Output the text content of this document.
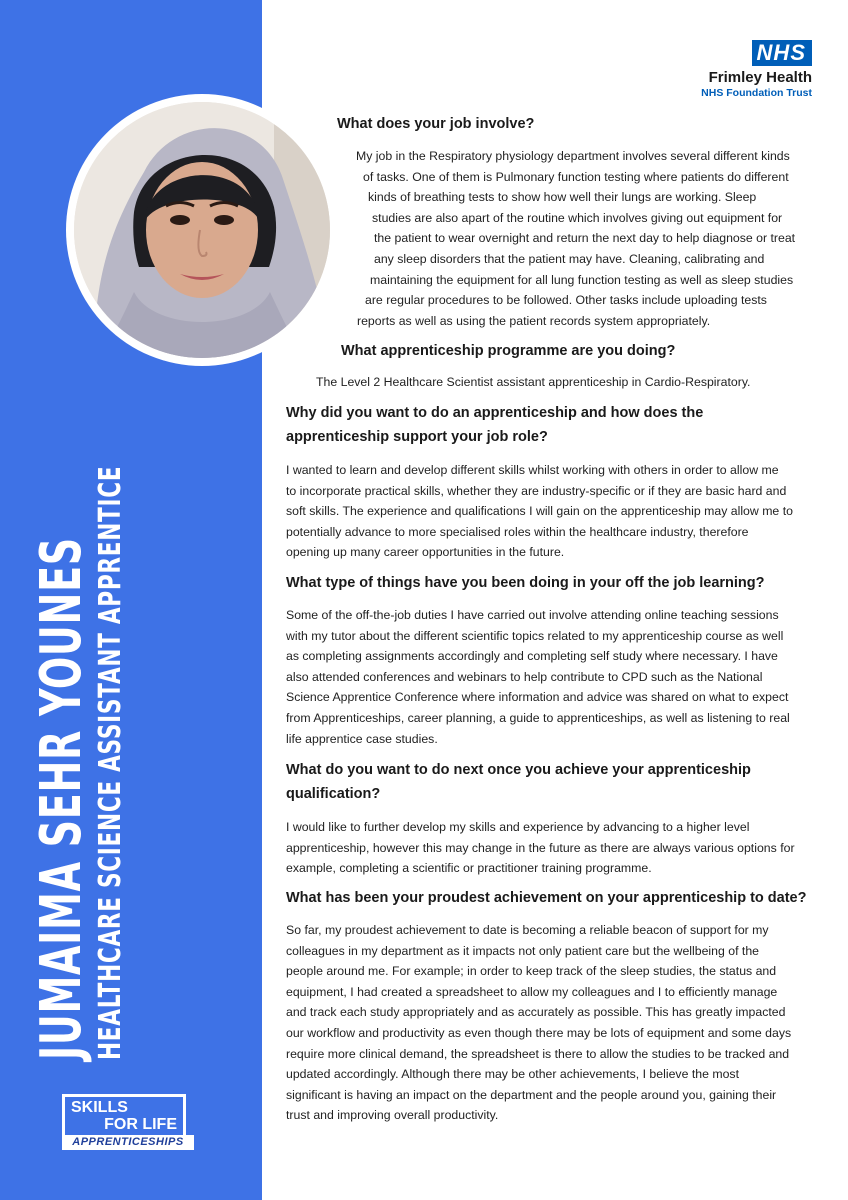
JUMAIMA SEHR YOUNES HEALTHCARE SCIENCE ASSISTANT APPRENTICE
SKILLS
FOR LIFE
APPRENTICESHIPS
NHS
Frimley Health
NHS Foundation Trust
What does your job involve?
My job in the Respiratory physiology department involves several different kinds
of tasks. One of them is Pulmonary function testing where patients do different
kinds of breathing tests to show how well their lungs are working. Sleep
studies are also apart of the routine which involves giving out equipment for
the patient to wear overnight and return the next day to help diagnose or treat
any sleep disorders that the patient may have. Cleaning, calibrating and
maintaining the equipment for all lung function testing as well as sleep studies
are regular procedures to be followed. Other tasks include uploading tests
reports as well as using the patient records system appropriately.
What apprenticeship programme are you doing?
The Level 2 Healthcare Scientist assistant apprenticeship in Cardio-Respiratory.
Why did you want to do an apprenticeship and how does the
apprenticeship support your job role?
I wanted to learn and develop different skills whilst working with others in order to allow me
to incorporate practical skills, whether they are industry-specific or if they are basic hard and
soft skills. The experience and qualifications I will gain on the apprenticeship may allow me to
potentially advance to more specialised roles within the healthcare industry, therefore
opening up many career opportunities in the future.
What type of things have you been doing in your off the job learning?
Some of the off-the-job duties I have carried out involve attending online teaching sessions
with my tutor about the different scientific topics related to my apprenticeship course as well
as completing assignments accordingly and completing self study where necessary. I have
also attended conferences and webinars to help contribute to CPD such as the National
Science Apprentice Conference where information and advice was shared on what to expect
from Apprenticeships, career planning, a guide to apprenticeships, as well as listening to real
life apprentice case studies.
What do you want to do next once you achieve your apprenticeship
qualification?
I would like to further develop my skills and experience by advancing to a higher level
apprenticeship, however this may change in the future as there are always various options for
example, completing a scientific or practitioner training programme.
What has been your proudest achievement on your apprenticeship to date?
So far, my proudest achievement to date is becoming a reliable beacon of support for my
colleagues in my department as it impacts not only patient care but the wellbeing of the
people around me. For example; in order to keep track of the sleep studies, the status and
equipment, I had created a spreadsheet to allow my colleagues and I to efficiently manage
and track each study appropriately and as accurately as possible. This has greatly impacted
our workflow and productivity as even though there may be lots of equipment and some days
require more clinical demand, the spreadsheet is there to allow the studies to be tracked and
updated accordingly. Although there may be other achievements, I believe the most
significant is having an impact on the department and the people around you, gaining their
trust and improving overall productivity.
